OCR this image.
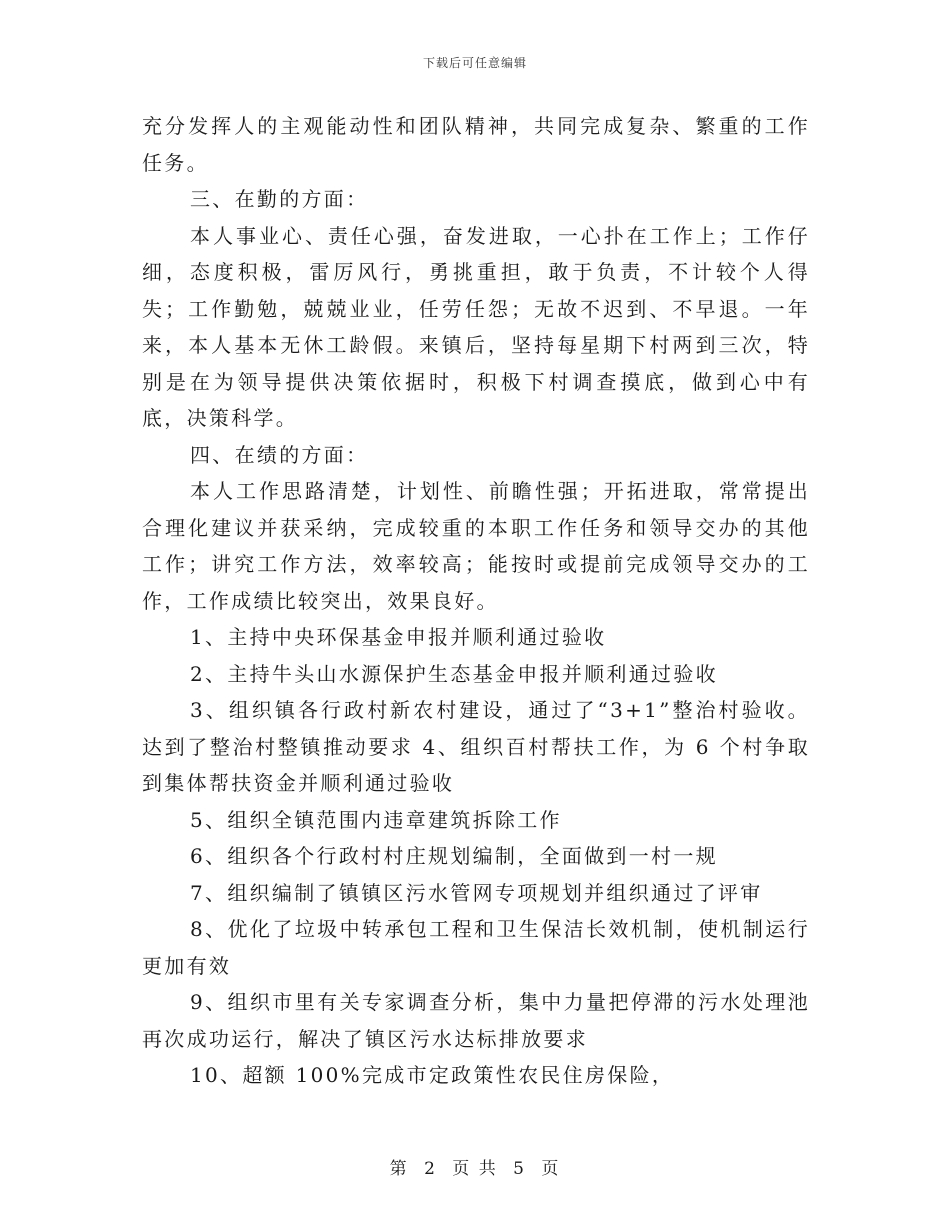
下载后可任意编辑

充分发挥人的主观能动性和团队精神，共同完成复杂、繁重的工作任务。

三、在勤的方面：

本人事业心、责任心强，奋发进取，一心扑在工作上；工作仔细，态度积极，雷厉风行，勇挑重担，敢于负责，不计较个人得失；工作勤勉，兢兢业业，任劳任怨；无故不迟到、不早退。一年来，本人基本无休工龄假。来镇后，坚持每星期下村两到三次，特别是在为领导提供决策依据时，积极下村调查摸底，做到心中有底，决策科学。

四、在绩的方面：

本人工作思路清楚，计划性、前瞻性强；开拓进取，常常提出合理化建议并获采纳，完成较重的本职工作任务和领导交办的其他工作；讲究工作方法，效率较高；能按时或提前完成领导交办的工作，工作成绩比较突出，效果良好。

1、主持中央环保基金申报并顺利通过验收

2、主持牛头山水源保护生态基金申报并顺利通过验收

3、组织镇各行政村新农村建设，通过了“3+1”整治村验收。达到了整治村整镇推动要求 4、组织百村帮扶工作，为 6 个村争取到集体帮扶资金并顺利通过验收

5、组织全镇范围内违章建筑拆除工作

6、组织各个行政村村庄规划编制，全面做到一村一规

7、组织编制了镇镇区污水管网专项规划并组织通过了评审

8、优化了垃圾中转承包工程和卫生保洁长效机制，使机制运行更加有效

9、组织市里有关专家调查分析，集中力量把停滞的污水处理池再次成功运行，解决了镇区污水达标排放要求

10、超额 100%完成市定政策性农民住房保险，

第 2 页 共 5 页
